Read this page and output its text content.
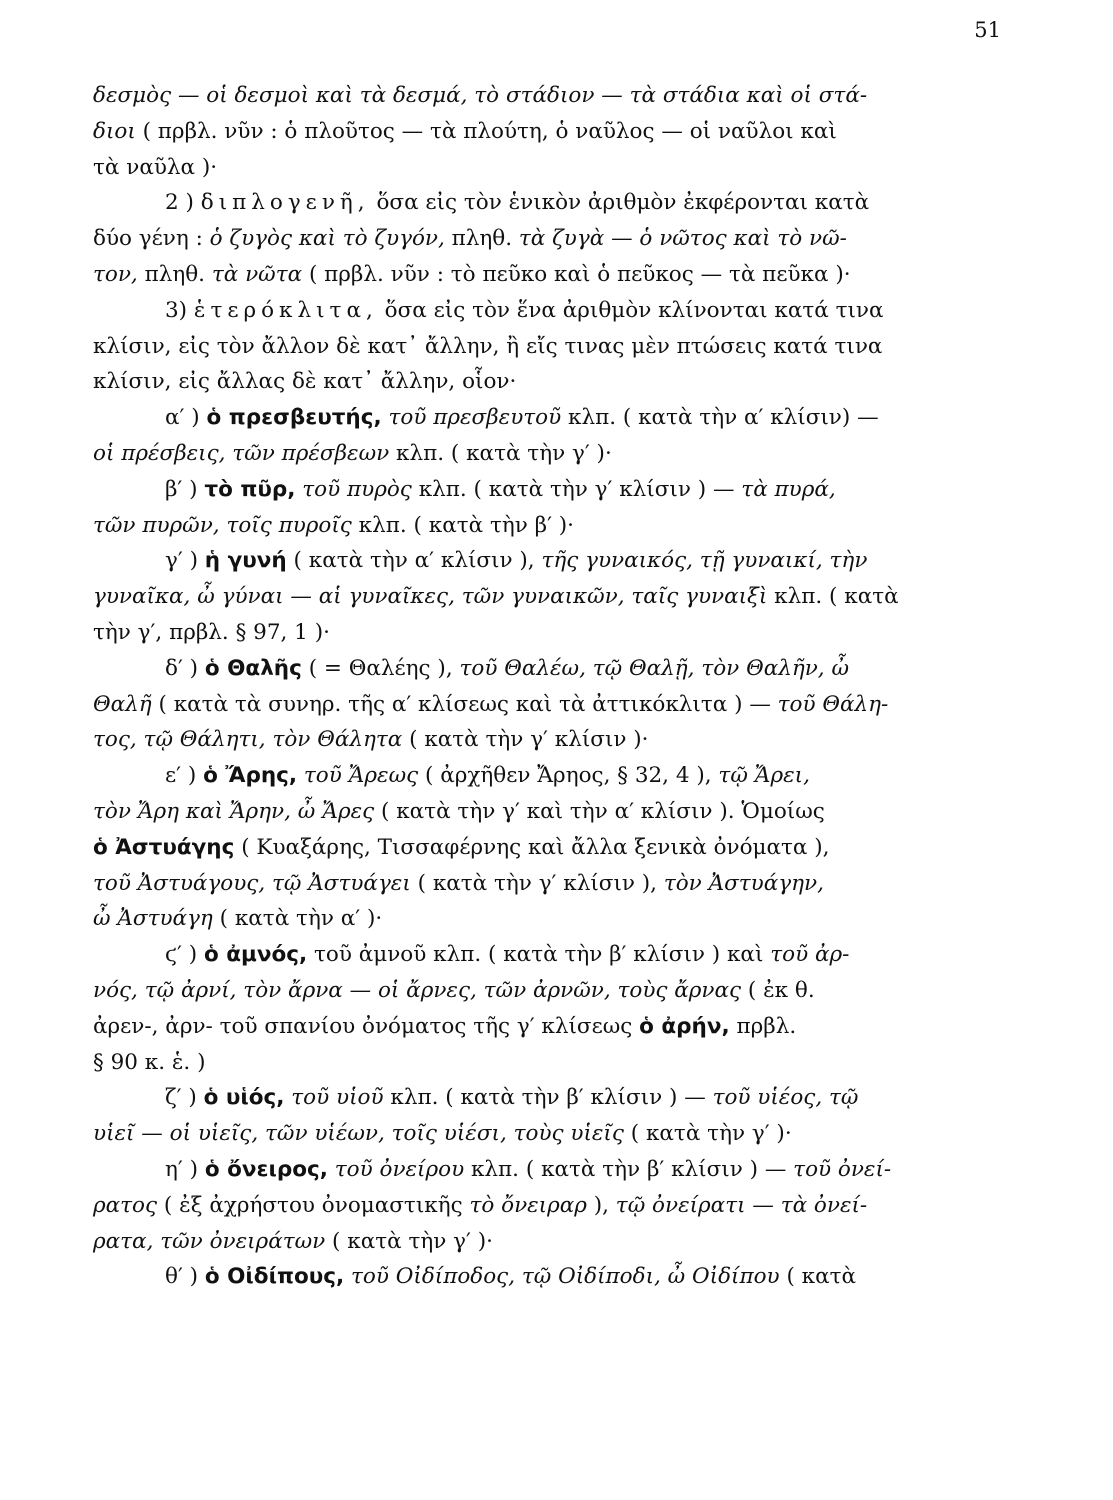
51
δεσμὸς — οἱ δεσμοὶ καὶ τὰ δεσμά, τὸ στάδιον — τὰ στάδια καὶ οἱ στά-
διοι ( πρβλ. νῦν : ὁ πλοῦτος — τὰ πλούτη, ὁ ναῦλος — οἱ ναῦλοι καὶ
τὰ ναῦλα )·
2 ) διπλογενῆ, ὅσα εἰς τὸν ἑνικὸν ἀριθμὸν ἐκφέρονται κατὰ
δύο γένη : ὁ ζυγὸς καὶ τὸ ζυγόν, πληθ. τὰ ζυγὰ — ὁ νῶτος καὶ τὸ νῶ-
τον, πληθ. τὰ νῶτα ( πρβλ. νῦν : τὸ πεῦκο καὶ ὁ πεῦκος — τὰ πεῦκα )·
3) ἑτερόκλιτα, ὅσα εἰς τὸν ἕνα ἀριθμὸν κλίνονται κατά τινα
κλίσιν, εἰς τὸν ἄλλον δὲ κατ᾽ ἄλλην, ἢ εἴς τινας μὲν πτώσεις κατά τινα
κλίσιν, εἰς ἄλλας δὲ κατ᾽ ἄλλην, οἷον·
α′ ) ὁ πρεσβευτής, τοῦ πρεσβευτοῦ κλπ. ( κατὰ τὴν α′ κλίσιν) —
οἱ πρέσβεις, τῶν πρέσβεων κλπ. ( κατὰ τὴν γ′ )·
β′ ) τὸ πῦρ, τοῦ πυρὸς κλπ. ( κατὰ τὴν γ′ κλίσιν ) — τὰ πυρά,
τῶν πυρῶν, τοῖς πυροῖς κλπ. ( κατὰ τὴν β′ )·
γ′ ) ἡ γυνή ( κατὰ τὴν α′ κλίσιν ), τῆς γυναικός, τῇ γυναικί, τὴν
γυναῖκα, ὦ γύναι — αἱ γυναῖκες, τῶν γυναικῶν, ταῖς γυναιξὶ κλπ. ( κατὰ
τὴν γ′, πρβλ. § 97, 1 )·
δ′ ) ὁ Θαλῆς ( = Θαλέης ), τοῦ Θαλέω, τῷ Θαλῇ, τὸν Θαλῆν, ὦ
Θαλῆ ( κατὰ τὰ συνηρ. τῆς α′ κλίσεως καὶ τὰ ἀττικόκλιτα ) — τοῦ Θάλη-
τος, τῷ Θάλητι, τὸν Θάλητα ( κατὰ τὴν γ′ κλίσιν )·
ε′ ) ὁ Ἄρης, τοῦ Ἄρεως ( ἀρχῆθεν Ἄρηος, § 32, 4 ), τῷ Ἄρει,
τὸν Ἄρη καὶ Ἄρην, ὦ Ἄρες ( κατὰ τὴν γ′ καὶ τὴν α′ κλίσιν ). Ὁμοίως
ὁ Ἀστυάγης ( Κυαξάρης, Τισσαφέρνης καὶ ἄλλα ξενικὰ ὀνόματα ),
τοῦ Ἀστυάγους, τῷ Ἀστυάγει ( κατὰ τὴν γ′ κλίσιν ), τὸν Ἀστυάγην,
ὦ Ἀστυάγη ( κατὰ τὴν α′ )·
ϛ′ ) ὁ ἀμνός, τοῦ ἀμνοῦ κλπ. ( κατὰ τὴν β′ κλίσιν ) καὶ τοῦ ἀρ-
νός, τῷ ἀρνί, τὸν ἄρνα — οἱ ἄρνες, τῶν ἀρνῶν, τοὺς ἄρνας ( ἐκ θ.
ἀρεν-, ἀρν- τοῦ σπανίου ὀνόματος τῆς γ′ κλίσεως ὁ ἀρήν, πρβλ.
§ 90 κ. ἑ. )
ζ′ ) ὁ υἱός, τοῦ υἱοῦ κλπ. ( κατὰ τὴν β′ κλίσιν ) — τοῦ υἱέος, τῷ
υἱεῖ — οἱ υἱεῖς, τῶν υἱέων, τοῖς υἱέσι, τοὺς υἱεῖς ( κατὰ τὴν γ′ )·
η′ ) ὁ ὄνειρος, τοῦ ὀνείρου κλπ. ( κατὰ τὴν β′ κλίσιν ) — τοῦ ὀνεί-
ρατος ( ἐξ ἀχρήστου ὀνομαστικῆς τὸ ὄνειραρ ), τῷ ὀνείρατι — τὰ ὀνεί-
ρατα, τῶν ὀνειράτων ( κατὰ τὴν γ′ )·
θ′ ) ὁ Οἰδίπους, τοῦ Οἰδίποδος, τῷ Οἰδίποδι, ὦ Οἰδίπου ( κατὰ
